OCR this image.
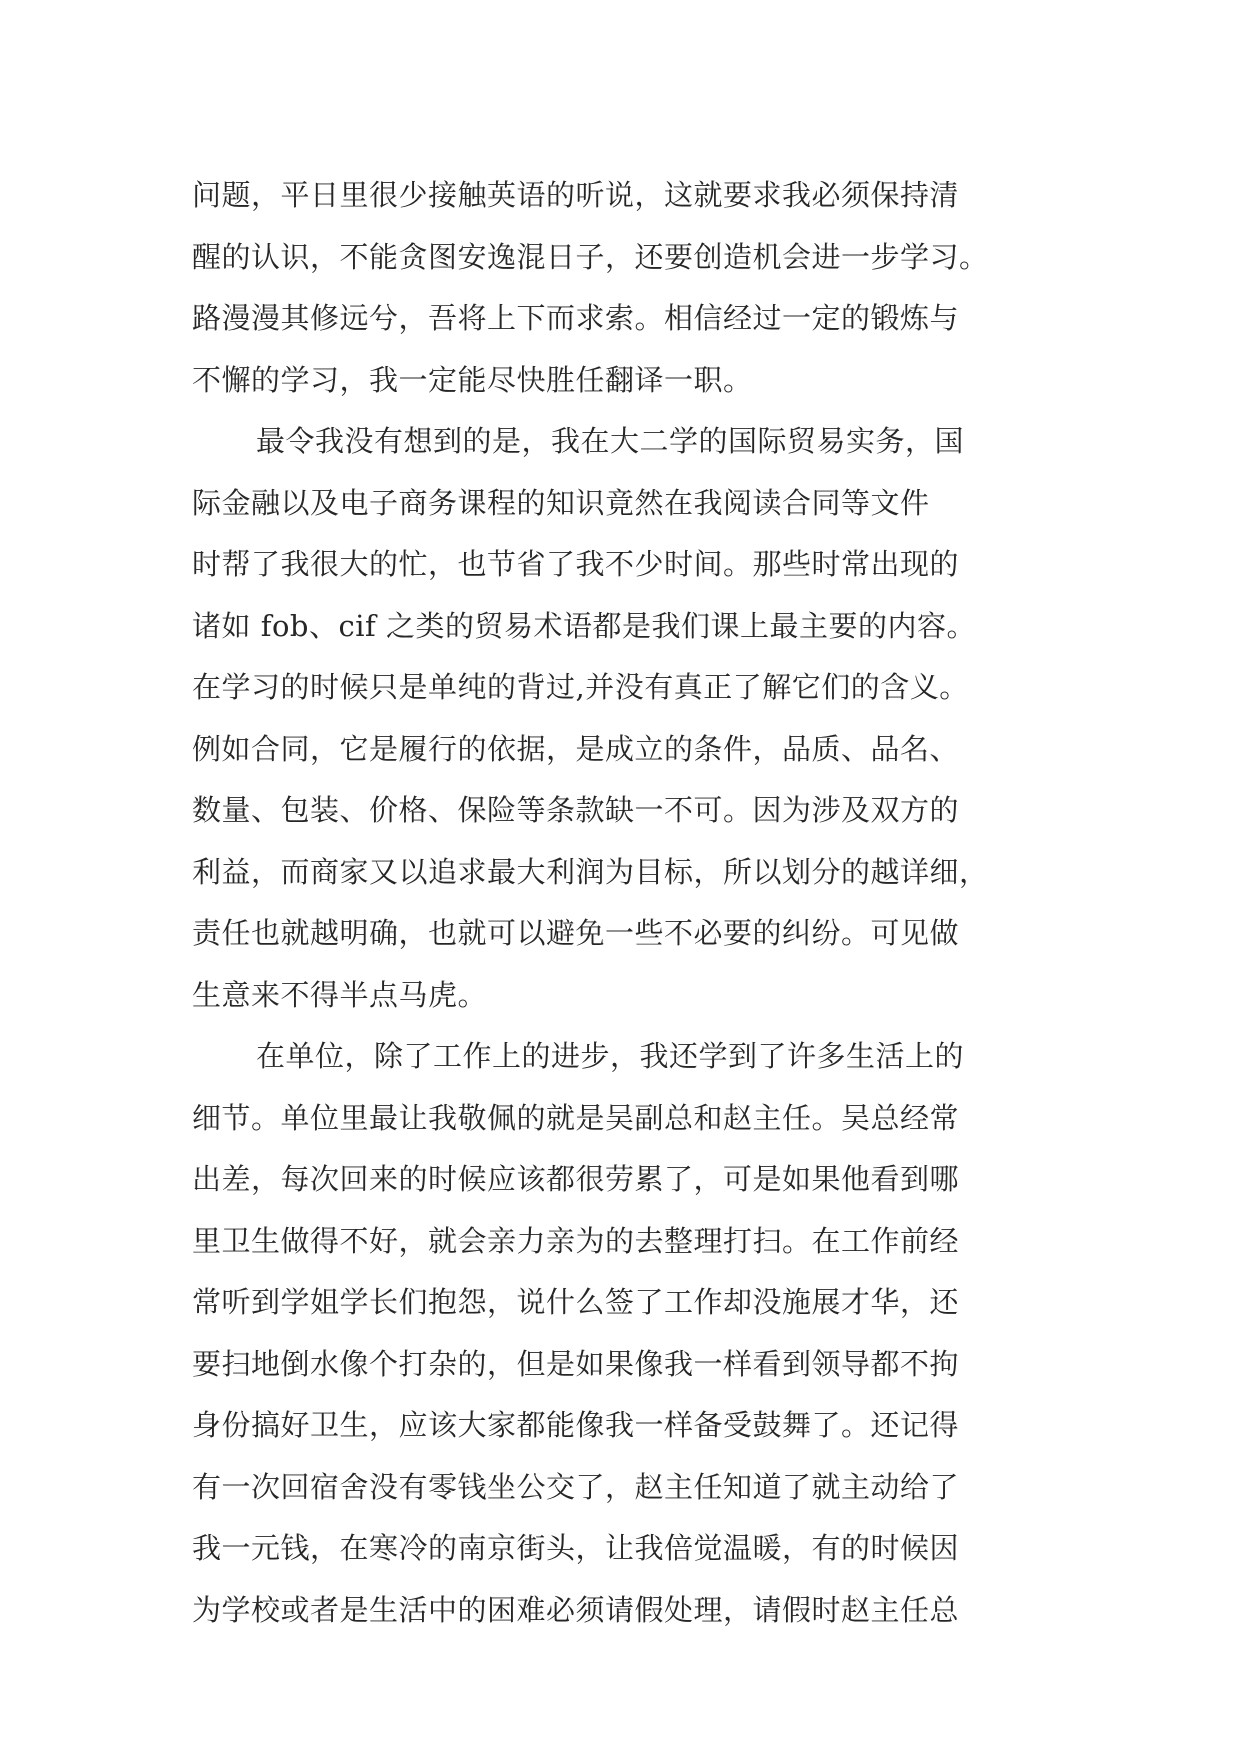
问题，平日里很少接触英语的听说，这就要求我必须保持清
醒的认识，不能贪图安逸混日子，还要创造机会进一步学习。
路漫漫其修远兮，吾将上下而求索。相信经过一定的锻炼与
不懈的学习，我一定能尽快胜任翻译一职。
最令我没有想到的是，我在大二学的国际贸易实务，国
际金融以及电子商务课程的知识竟然在我阅读合同等文件
时帮了我很大的忙，也节省了我不少时间。那些时常出现的
诸如 fob、cif 之类的贸易术语都是我们课上最主要的内容。
在学习的时候只是单纯的背过,并没有真正了解它们的含义。
例如合同，它是履行的依据，是成立的条件，品质、品名、
数量、包装、价格、保险等条款缺一不可。因为涉及双方的
利益，而商家又以追求最大利润为目标，所以划分的越详细，
责任也就越明确，也就可以避免一些不必要的纠纷。可见做
生意来不得半点马虎。
在单位，除了工作上的进步，我还学到了许多生活上的
细节。单位里最让我敬佩的就是吴副总和赵主任。吴总经常
出差，每次回来的时候应该都很劳累了，可是如果他看到哪
里卫生做得不好，就会亲力亲为的去整理打扫。在工作前经
常听到学姐学长们抱怨，说什么签了工作却没施展才华，还
要扫地倒水像个打杂的，但是如果像我一样看到领导都不拘
身份搞好卫生，应该大家都能像我一样备受鼓舞了。还记得
有一次回宿舍没有零钱坐公交了，赵主任知道了就主动给了
我一元钱，在寒冷的南京街头，让我倍觉温暖，有的时候因
为学校或者是生活中的困难必须请假处理，请假时赵主任总
